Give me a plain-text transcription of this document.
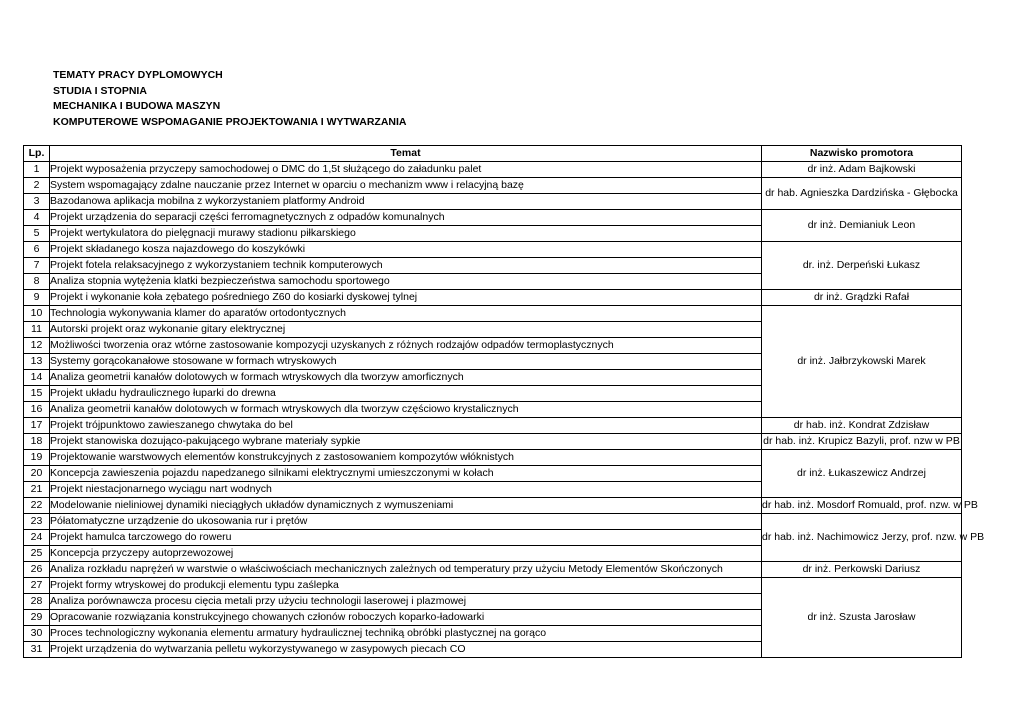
TEMATY PRACY DYPLOMOWYCH
STUDIA I STOPNIA
MECHANIKA I BUDOWA MASZYN
KOMPUTEROWE WSPOMAGANIE PROJEKTOWANIA I WYTWARZANIA
Lp.	Temat	Nazwisko promotora
1	Projekt wyposażenia przyczepy samochodowej o DMC do 1,5t służącego do załadunku palet	dr inż. Adam Bajkowski
2	System wspomagający zdalne nauczanie przez Internet w oparciu o mechanizm www i relacyjną bazę	dr hab. Agnieszka Dardzińska - Głębocka
3	Bazodanowa aplikacja mobilna z wykorzystaniem platformy Android	
4	Projekt urządzenia do separacji części ferromagnetycznych z odpadów komunalnych	dr inż. Demianiuk Leon
5	Projekt wertykulatora do pielęgnacji murawy stadionu piłkarskiego	
6	Projekt składanego kosza najazdowego do koszykówki	dr. inż. Derpeński Łukasz
7	Projekt fotela relaksacyjnego z wykorzystaniem technik komputerowych	
8	Analiza stopnia wytężenia klatki bezpieczeństwa samochodu sportowego	
9	Projekt i wykonanie koła zębatego pośredniego Z60 do kosiarki dyskowej tylnej	dr inż. Grądzki Rafał
10	Technologia wykonywania klamer do aparatów ortodontycznych	dr inż. Jałbrzykowski Marek
11	Autorski projekt oraz wykonanie gitary elektrycznej	
12	Możliwości tworzenia oraz wtórne zastosowanie kompozycji uzyskanych z różnych rodzajów odpadów termoplastycznych	
13	Systemy gorącokanałowe stosowane w formach wtryskowych	
14	Analiza geometrii kanałów dolotowych w formach wtryskowych dla tworzyw amorficznych	
15	Projekt układu hydraulicznego łuparki do drewna	
16	Analiza geometrii kanałów dolotowych w formach wtryskowych dla tworzyw częściowo krystalicznych	
17	Projekt trójpunktowo zawieszanego chwytaka do bel	dr hab. inż. Kondrat Zdzisław
18	Projekt stanowiska dozująco-pakującego wybrane materiały sypkie	dr hab. inż. Krupicz Bazyli, prof. nzw w PB
19	Projektowanie warstwowych elementów konstrukcyjnych z zastosowaniem kompozytów włóknistych	dr inż. Łukaszewicz Andrzej
20	Koncepcja zawieszenia pojazdu napedzanego silnikami elektrycznymi umieszczonymi w kołach	
21	Projekt niestacjonarnego wyciągu nart wodnych	
22	Modelowanie nieliniowej dynamiki nieciągłych układów dynamicznych z wymuszeniami	dr hab. inż. Mosdorf Romuald, prof. nzw. w PB
23	Półatomatyczne urządzenie do ukosowania rur i prętów	dr hab. inż. Nachimowicz Jerzy, prof. nzw. w PB
24	Projekt hamulca tarczowego do roweru	
25	Koncepcja przyczepy autoprzewozowej	
26	Analiza rozkładu naprężeń w warstwie o właściwościach mechanicznych zależnych od temperatury przy użyciu Metody Elementów Skończonych	dr inż. Perkowski Dariusz
27	Projekt formy wtryskowej do produkcji elementu typu zaślepka	dr inż. Szusta Jarosław
28	Analiza porównawcza procesu cięcia metali przy użyciu technologii laserowej i plazmowej	
29	Opracowanie rozwiązania konstrukcyjnego chowanych członów roboczych koparko-ładowarki	
30	Proces technologiczny wykonania elementu armatury hydraulicznej techniką obróbki plastycznej na gorąco	
31	Projekt urządzenia do wytwarzania pelletu wykorzystywanego w zasypowych piecach CO	
